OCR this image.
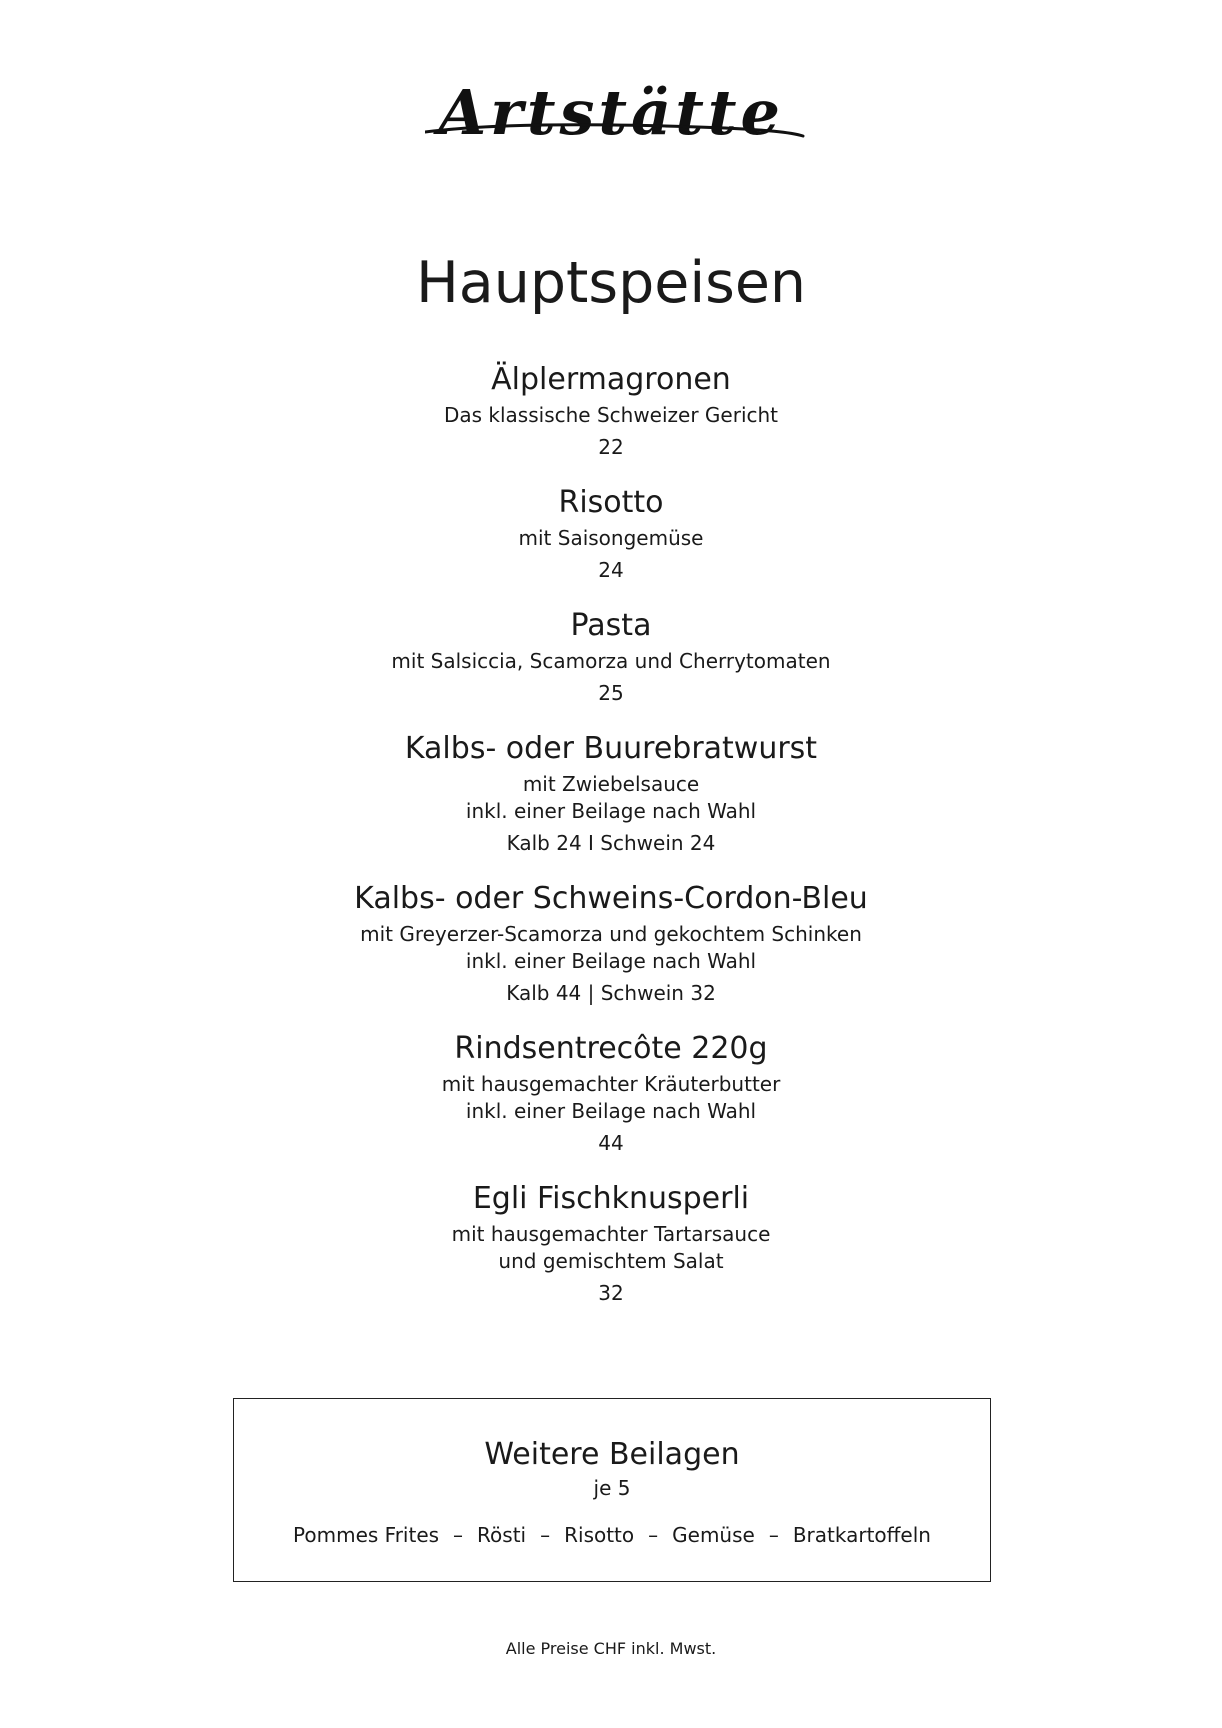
Artstätte
Hauptspeisen
Älplermagronen
Das klassische Schweizer Gericht
22
Risotto
mit Saisongemüse
24
Pasta
mit Salsiccia, Scamorza und Cherrytomaten
25
Kalbs- oder Buurebratwurst
mit Zwiebelsauce
inkl. einer Beilage nach Wahl
Kalb 24 I Schwein 24
Kalbs- oder Schweins-Cordon-Bleu
mit Greyerzer-Scamorza und gekochtem Schinken
inkl. einer Beilage nach Wahl
Kalb 44 | Schwein 32
Rindsentrecôte 220g
mit hausgemachter Kräuterbutter
inkl. einer Beilage nach Wahl
44
Egli Fischknusperli
mit hausgemachter Tartarsauce
und gemischtem Salat
32
Weitere Beilagen
je 5
Pommes Frites – Rösti – Risotto – Gemüse – Bratkartoffeln
Alle Preise CHF inkl. Mwst.
